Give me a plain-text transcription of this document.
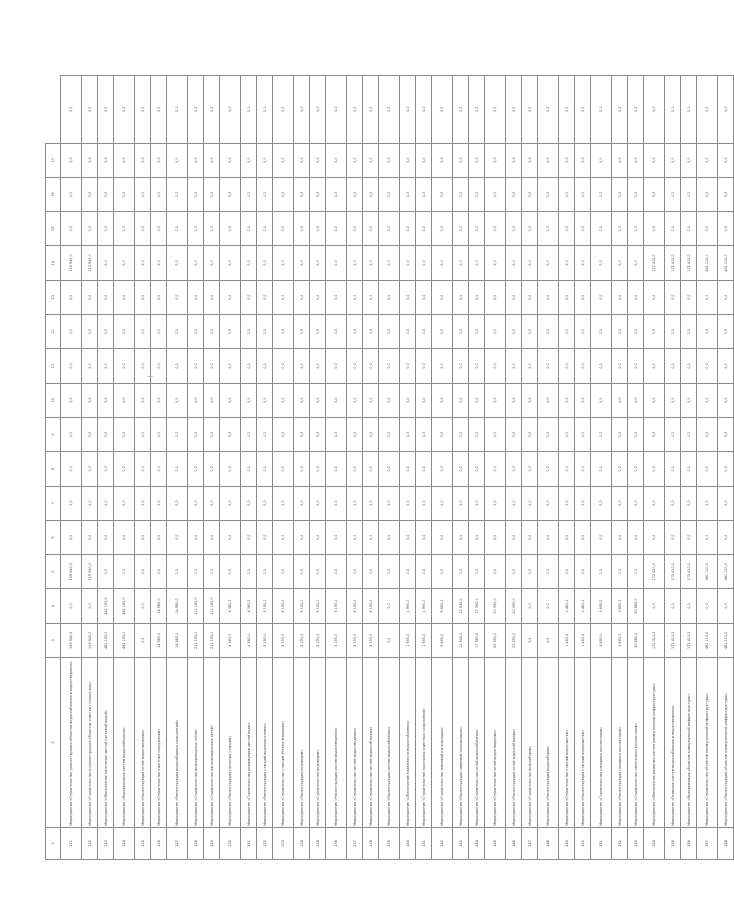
—
1	2	3	4	5	6	7	8	9	10	11	12	13	14	15	16	17	
121	Мероприятие «Строительство, реконструкция объектов водоснабжения и водоотведения»	159 940,0	0,0	159 940,0	0,0	0,0	0,0	0,0	0,0	0,0	0,0	0,0	159 940,0	0,0	0,0	0,0	0,0
122	Мероприятие «Строительство и реконструкция объектов очистки сточных вод»	119 940,0	0,0	119 940,0	0,0	0,0	0,0	0,0	0,0	0,0	0,0	0,0	119 940,0	0,0	0,0	0,0	0,0
123	Мероприятие «Обеспечение населения чистой питьевой водой»	461 190,0	461 190,0	0,0	0,0	0,0	0,0	0,0	0,0	0,0	0,0	0,0	0,0	0,0	0,0	0,0	0,0
124	Мероприятие «Модернизация систем водоснабжения»	461 190,0	461 190,0	0,0	0,0	0,0	0,0	0,0	0,0	0,0	0,0	0,0	0,0	0,0	0,0	0,0	0,0
125	Мероприятие «Реконструкция сетей водоотведения»	0,0	0,0	0,0	0,0	0,0	0,0	0,0	0,0	0,0	0,0	0,0	0,0	0,0	0,0	0,0	0,0
126	Мероприятие «Строительство очистных сооружений»	14 980,0	14 980,0	0,0	0,0	0,0	0,0	0,0	0,0	0,0	0,0	0,0	0,0	0,0	0,0	0,0	0,0
127	Мероприятие «Реконструкция водозаборных сооружений»	14 980,0	14 980,0	0,0	0,0	0,0	0,0	0,0	0,0	0,0	0,0	0,0	0,0	0,0	0,0	0,0	0,0
128	Мероприятие «Строительство водопроводных сетей»	211 190,0	211 190,0	0,0	0,0	0,0	0,0	0,0	0,0	0,0	0,0	0,0	0,0	0,0	0,0	0,0	0,0
129	Мероприятие «Строительство канализационных сетей»	211 190,0	211 190,0	0,0	0,0	0,0	0,0	0,0	0,0	0,0	0,0	0,0	0,0	0,0	0,0	0,0	0,0
130	Мероприятие «Реконструкция насосных станций»	4 380,0	4 380,0	0,0	0,0	0,0	0,0	0,0	0,0	0,0	0,0	0,0	0,0	0,0	0,0	0,0	0,0
131	Мероприятие «Строительство резервуаров чистой воды»	4 380,0	4 380,0	0,0	0,0	0,0	0,0	0,0	0,0	0,0	0,0	0,0	0,0	0,0	0,0	0,0	0,0
132	Мероприятие «Реконструкция станций водоподготовки»	5 190,0	5 190,0	0,0	0,0	0,0	0,0	0,0	0,0	0,0	0,0	0,0	0,0	0,0	0,0	0,0	0,0
133	Мероприятие «Строительство станций обезжелезивания»	5 190,0	5 190,0	0,0	0,0	0,0	0,0	0,0	0,0	0,0	0,0	0,0	0,0	0,0	0,0	0,0	0,0
134	Мероприятие «Реконструкция водоводов»	5 190,0	5 190,0	0,0	0,0	0,0	0,0	0,0	0,0	0,0	0,0	0,0	0,0	0,0	0,0	0,0	0,0
135	Мероприятие «Строительство водоводов»	5 190,0	5 190,0	0,0	0,0	0,0	0,0	0,0	0,0	0,0	0,0	0,0	0,0	0,0	0,0	0,0	0,0
136	Мероприятие «Реконструкция систем водоотведения»	5 190,0	5 190,0	0,0	0,0	0,0	0,0	0,0	0,0	0,0	0,0	0,0	0,0	0,0	0,0	0,0	0,0
137	Мероприятие «Строительство систем водоотведения»	5 190,0	5 190,0	0,0	0,0	0,0	0,0	0,0	0,0	0,0	0,0	0,0	0,0	0,0	0,0	0,0	0,0
138	Мероприятие «Строительство систем водоснабжения»	5 190,0	5 190,0	0,0	0,0	0,0	0,0	0,0	0,0	0,0	0,0	0,0	0,0	0,0	0,0	0,0	0,0
139	Мероприятие «Реконструкция систем водоснабжения»	0,0	0,0	0,0	0,0	0,0	0,0	0,0	0,0	0,0	0,0	0,0	0,0	0,0	0,0	0,0	0,0
140	Мероприятие «Обеспечение надёжности водоснабжения»	1 990,0	1 990,0	0,0	0,0	0,0	0,0	0,0	0,0	0,0	0,0	0,0	0,0	0,0	0,0	0,0	0,0
141	Мероприятие «Строительство локальных очистных сооружений»	1 990,0	1 990,0	0,0	0,0	0,0	0,0	0,0	0,0	0,0	0,0	0,0	0,0	0,0	0,0	0,0	0,0
142	Мероприятие «Строительство ливневой канализации»	9 690,0	9 690,0	0,0	0,0	0,0	0,0	0,0	0,0	0,0	0,0	0,0	0,0	0,0	0,0	0,0	0,0
143	Мероприятие «Реконструкция ливневой канализации»	12 940,0	12 940,0	0,0	0,0	0,0	0,0	0,0	0,0	0,0	0,0	0,0	0,0	0,0	0,0	0,0	0,0
144	Мероприятие «Строительство сетей водоснабжения»	17 360,0	17 360,0	0,0	0,0	0,0	0,0	0,0	0,0	0,0	0,0	0,0	0,0	0,0	0,0	0,0	0,0
145	Мероприятие «Строительство сетей водоотведения»	20 390,0	20 390,0	0,0	0,0	0,0	0,0	0,0	0,0	0,0	0,0	0,0	0,0	0,0	0,0	0,0	0,0
146	Мероприятие «Реконструкция сетей водоснабжения»	20 390,0	20 390,0	0,0	0,0	0,0	0,0	0,0	0,0	0,0	0,0	0,0	0,0	0,0	0,0	0,0	0,0
147	Мероприятие «Строительство водозаборов»	0,0	0,0	0,0	0,0	0,0	0,0	0,0	0,0	0,0	0,0	0,0	0,0	0,0	0,0	0,0	0,0
148	Мероприятие «Реконструкция водозаборов»	0,0	0,0	0,0	0,0	0,0	0,0	0,0	0,0	0,0	0,0	0,0	0,0	0,0	0,0	0,0	0,0
149	Мероприятие «Строительство станций водоочистки»	1 460,0	1 460,0	0,0	0,0	0,0	0,0	0,0	0,0	0,0	0,0	0,0	0,0	0,0	0,0	0,0	0,0
150	Мероприятие «Реконструкция станций водоочистки»	1 460,0	1 460,0	0,0	0,0	0,0	0,0	0,0	0,0	0,0	0,0	0,0	0,0	0,0	0,0	0,0	0,0
151	Мероприятие «Строительство напорных коллекторов»	3 690,0	3 690,0	0,0	0,0	0,0	0,0	0,0	0,0	0,0	0,0	0,0	0,0	0,0	0,0	0,0	0,0
152	Мероприятие «Реконструкция напорных коллекторов»	3 690,0	3 690,0	0,0	0,0	0,0	0,0	0,0	0,0	0,0	0,0	0,0	0,0	0,0	0,0	0,0	0,0
153	Мероприятие «Строительство самотечных коллекторов»	30 880,0	30 880,0	0,0	0,0	0,0	0,0	0,0	0,0	0,0	0,0	0,0	0,0	0,0	0,0	0,0	0,0
154	Мероприятие «Обеспечение развития систем коммунальной инфраструктуры»	172 410,0	0,0	172 410,0	0,0	0,0	0,0	0,0	0,0	0,0	0,0	0,0	172 410,0	0,0	0,0	0,0	0,0
155	Мероприятие «Развитие систем водоснабжения и водоотведения»	172 410,0	0,0	172 410,0	0,0	0,0	0,0	0,0	0,0	0,0	0,0	0,0	172 410,0	0,0	0,0	0,0	0,0
156	Мероприятие «Модернизация объектов коммунальной инфраструктуры»	172 410,0	0,0	172 410,0	0,0	0,0	0,0	0,0	0,0	0,0	0,0	0,0	172 410,0	0,0	0,0	0,0	0,0
157	Мероприятие «Строительство объектов коммунальной инфраструктуры»	461 110,0	0,0	461 110,0	0,0	0,0	0,0	0,0	0,0	0,0	0,0	0,0	461 110,0	0,0	0,0	0,0	0,0
158	Мероприятие «Реконструкция объектов коммунальной инфраструктуры»	461 110,0	0,0	461 110,0	0,0	0,0	0,0	0,0	0,0	0,0	0,0	0,0	461 110,0	0,0	0,0	0,0	0,0
